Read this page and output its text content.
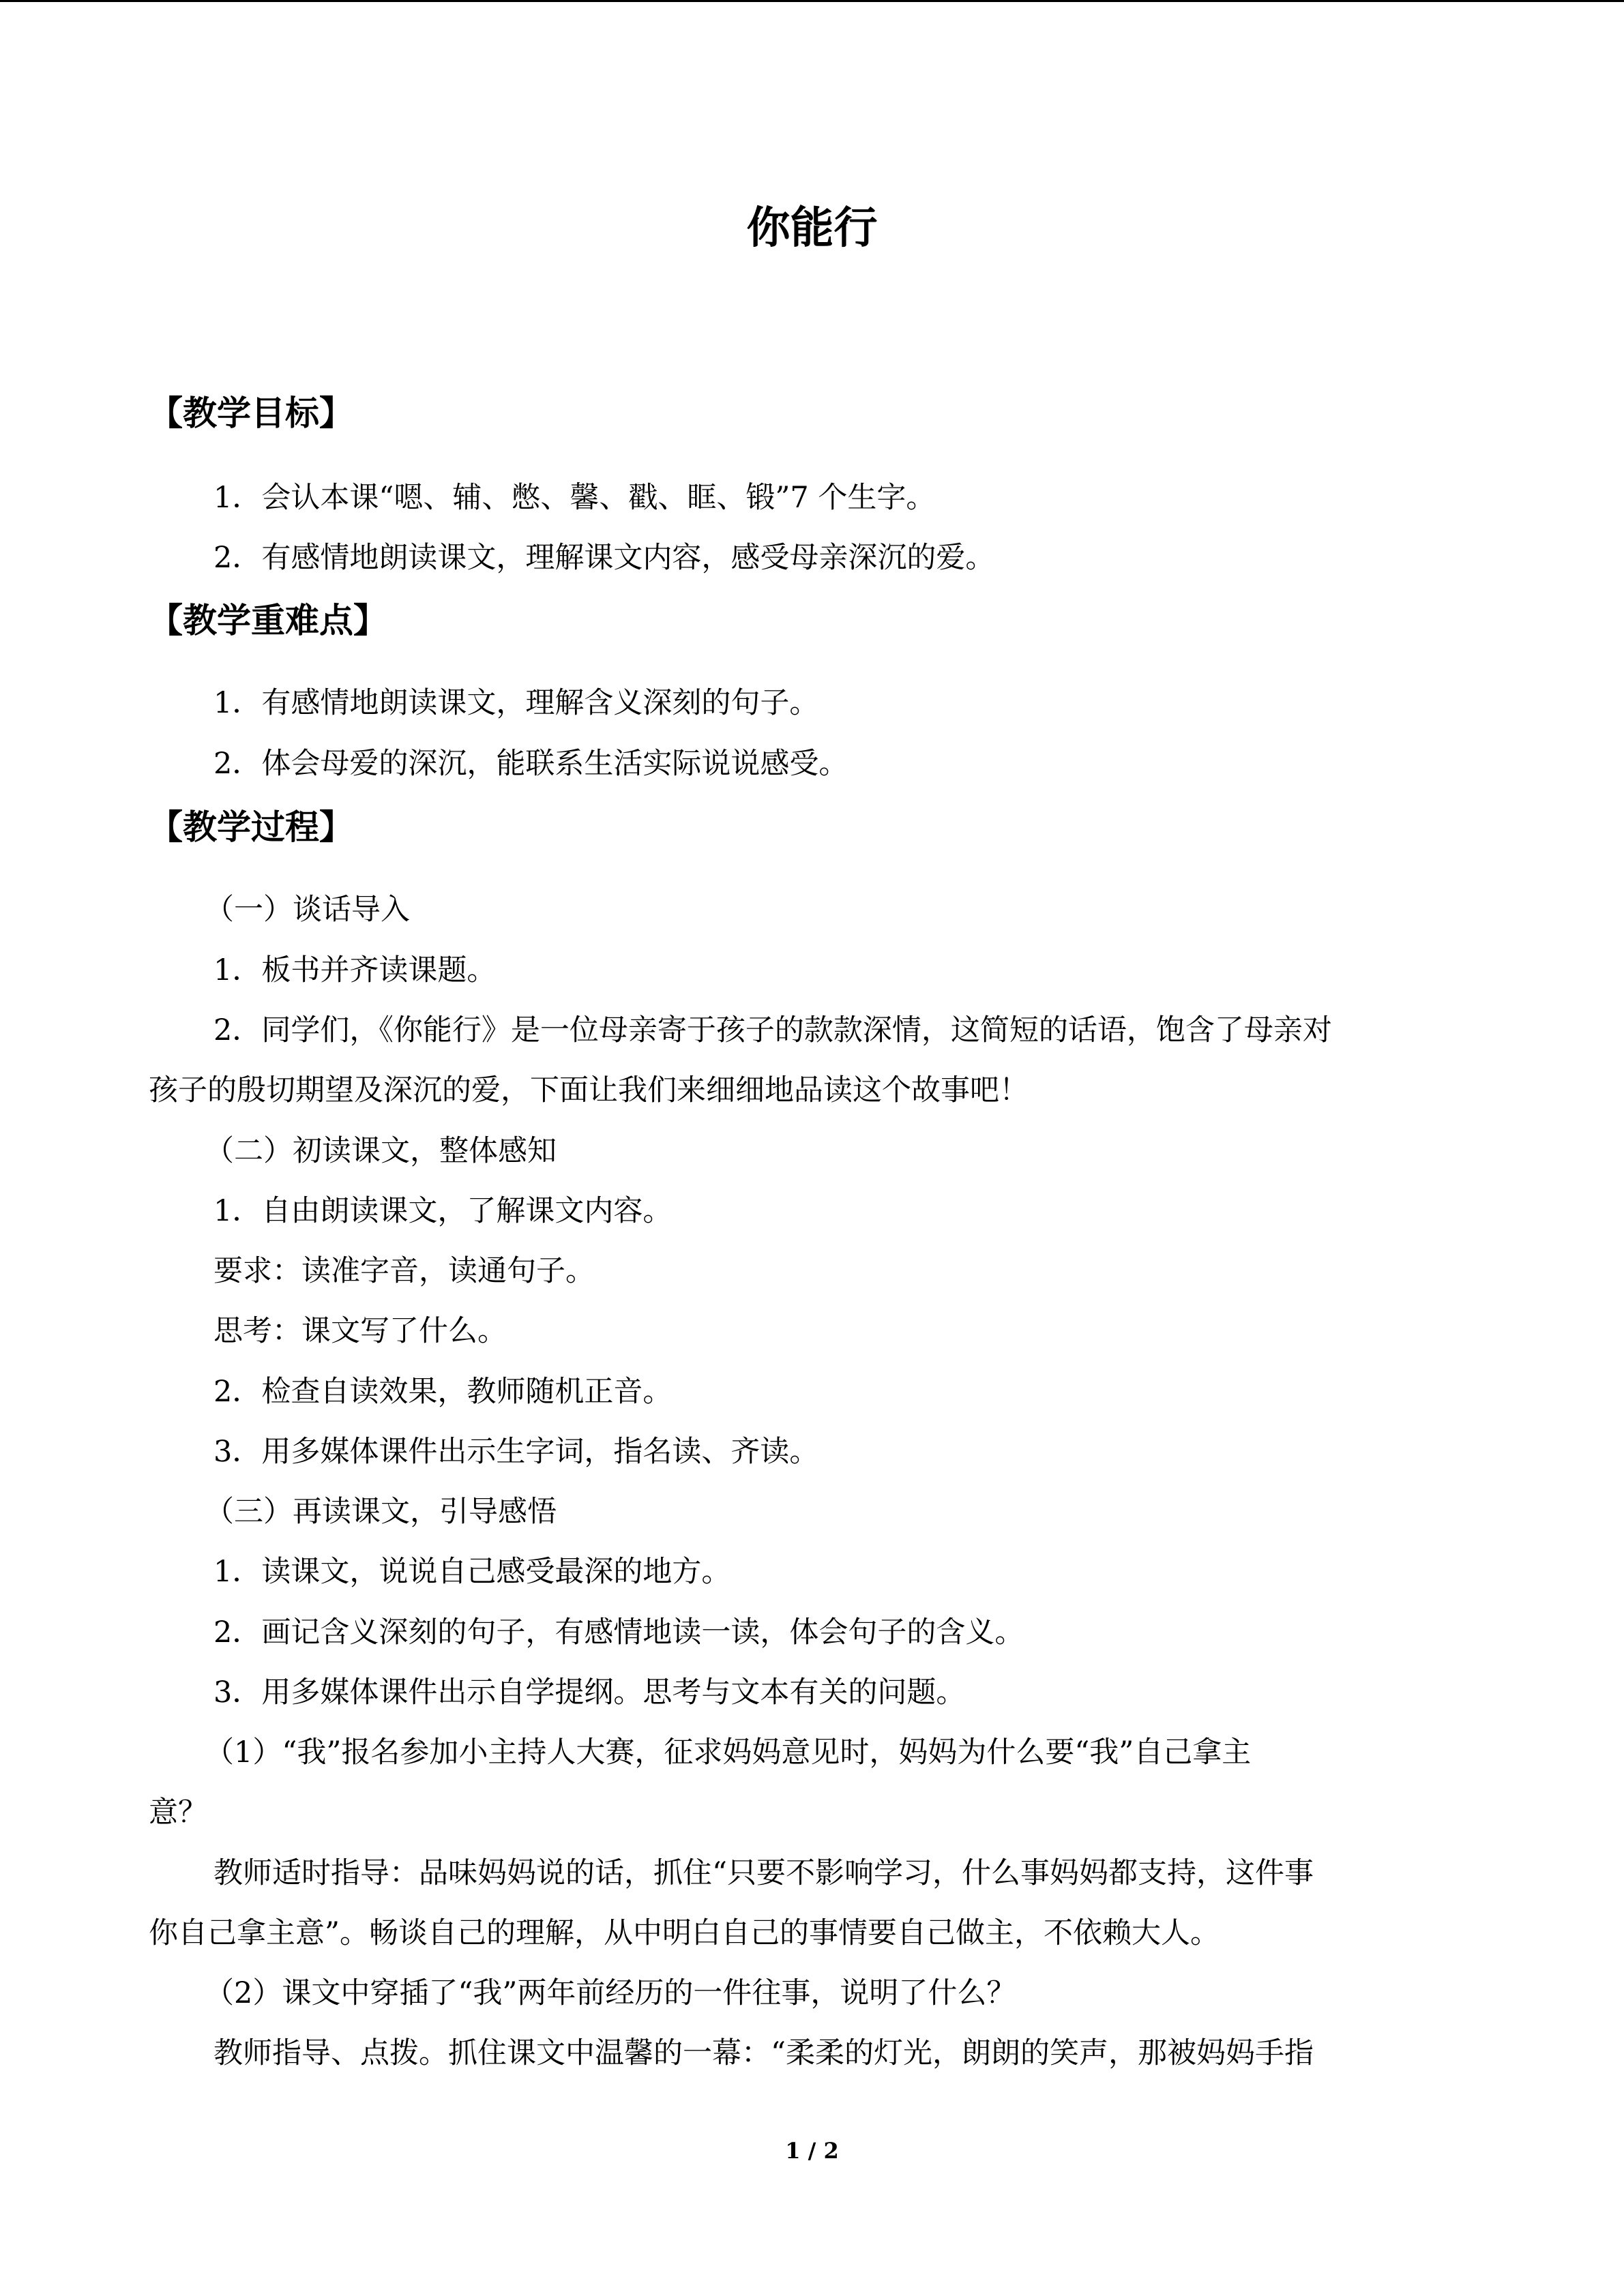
你能行
【教学目标】
1．会认本课“嗯、辅、憋、馨、戳、眶、锻”7 个生字。
2．有感情地朗读课文，理解课文内容，感受母亲深沉的爱。
【教学重难点】
1．有感情地朗读课文，理解含义深刻的句子。
2．体会母爱的深沉，能联系生活实际说说感受。
【教学过程】
（一）谈话导入
1．板书并齐读课题。
2．同学们，《你能行》是一位母亲寄于孩子的款款深情，这简短的话语，饱含了母亲对
孩子的殷切期望及深沉的爱，下面让我们来细细地品读这个故事吧！
（二）初读课文，整体感知
1．自由朗读课文，了解课文内容。
要求：读准字音，读通句子。
思考：课文写了什么。
2．检查自读效果，教师随机正音。
3．用多媒体课件出示生字词，指名读、齐读。
（三）再读课文，引导感悟
1．读课文，说说自己感受最深的地方。
2．画记含义深刻的句子，有感情地读一读，体会句子的含义。
3．用多媒体课件出示自学提纲。思考与文本有关的问题。
（1）“我”报名参加小主持人大赛，征求妈妈意见时，妈妈为什么要“我”自己拿主
意？
教师适时指导：品味妈妈说的话，抓住“只要不影响学习，什么事妈妈都支持，这件事
你自己拿主意”。畅谈自己的理解，从中明白自己的事情要自己做主，不依赖大人。
（2）课文中穿插了“我”两年前经历的一件往事，说明了什么？
教师指导、点拨。抓住课文中温馨的一幕：“柔柔的灯光，朗朗的笑声，那被妈妈手指
1 / 2
